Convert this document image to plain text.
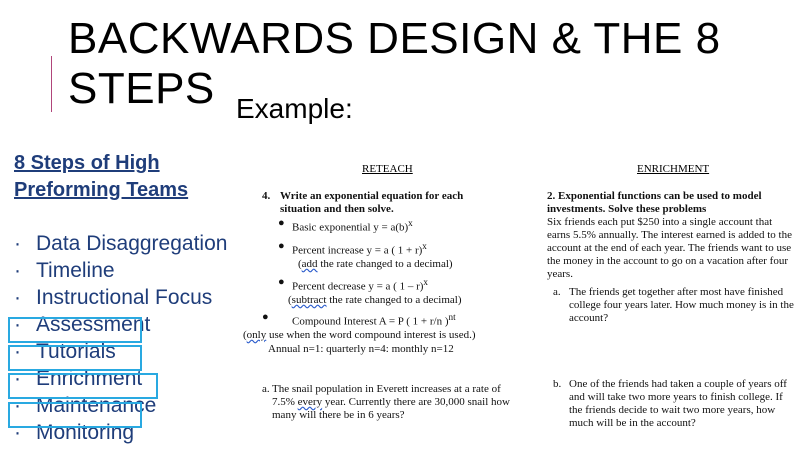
BACKWARDS DESIGN & THE 8 STEPS Example:
8 Steps of High Preforming Teams
· Data Disaggregation
· Timeline
· Instructional Focus
· Assessment
· Tutorials
· Enrichment
· Maintenance
· Monitoring
RETEACH
4. Write an exponential equation for each situation and then solve.
● Basic exponential $y = a(b)^x$
● Percent increase y = a ( 1 + r)$^x$
(add the rate changed to a decimal)
● Percent decrease y = a ( 1 – r)$^x$
(subtract the rate changed to a decimal)
● Compound Interest A = P ( 1 + r/n )$^{nt}$
(only use when the word compound interest is used.)
Annual n=1: quarterly n=4: monthly n=12
a. The snail population in Everett increases at a rate of 7.5% every year. Currently there are 30,000 snail how many will there be in 6 years?
ENRICHMENT
2. Exponential functions can be used to model investments. Solve these problems
Six friends each put $250 into a single account that earns 5.5% annually. The interest earned is added to the account at the end of each year. The friends want to use the money in the account to go on a vacation after four years.
a. The friends get together after most have finished college four years later. How much money is in the account?
b. One of the friends had taken a couple of years off and will take two more years to finish college. If the friends decide to wait two more years, how much will be in the account?
